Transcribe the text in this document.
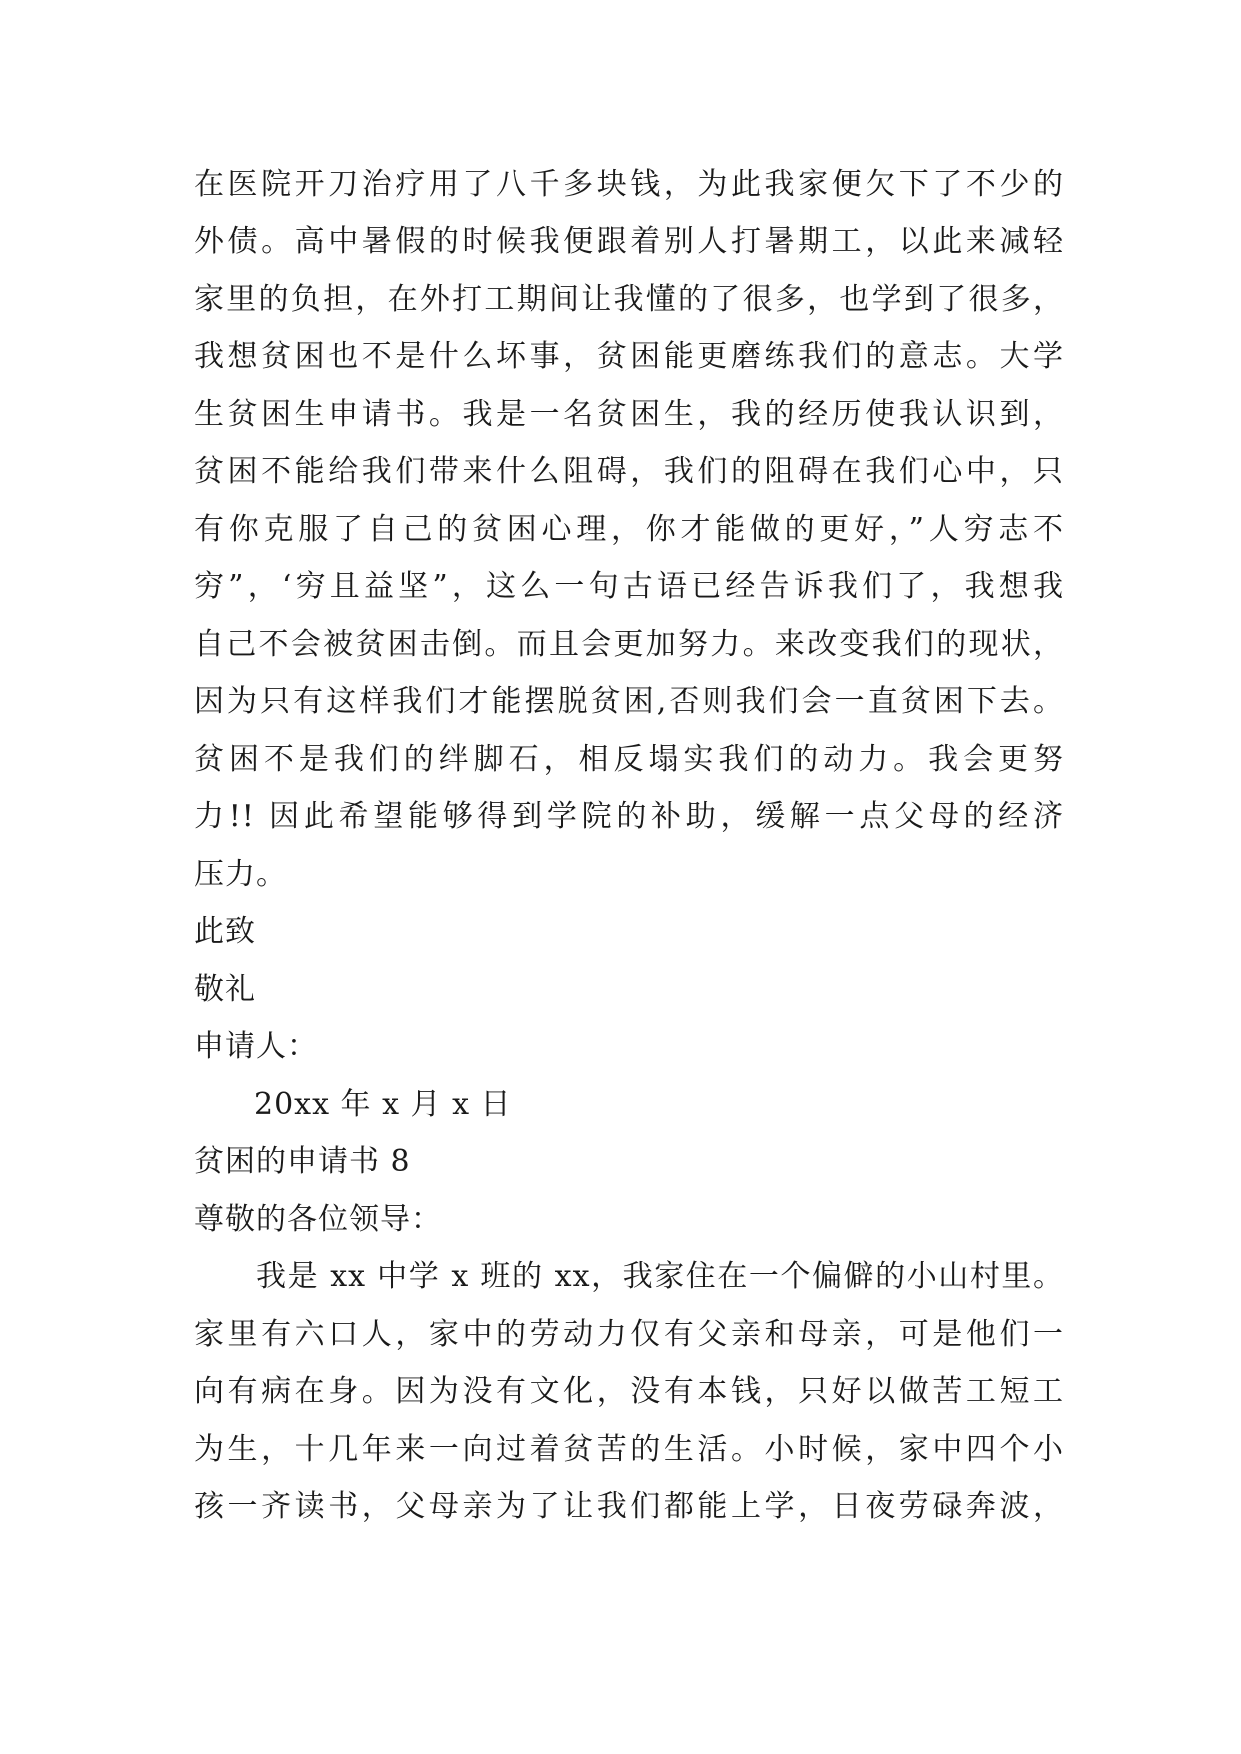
在医院开刀治疗用了八千多块钱，为此我家便欠下了不少的
外债。高中暑假的时候我便跟着别人打暑期工，以此来减轻
家里的负担，在外打工期间让我懂的了很多，也学到了很多，
我想贫困也不是什么坏事，贫困能更磨练我们的意志。大学
生贫困生申请书。我是一名贫困生，我的经历使我认识到，
贫困不能给我们带来什么阻碍，我们的阻碍在我们心中，只
有你克服了自己的贫困心理，你才能做的更好，”人穷志不
穷”，‘穷且益坚”，这么一句古语已经告诉我们了，我想我
自己不会被贫困击倒。而且会更加努力。来改变我们的现状，
因为只有这样我们才能摆脱贫困,否则我们会一直贫困下去。
贫困不是我们的绊脚石，相反塌实我们的动力。我会更努
力!! 因此希望能够得到学院的补助，缓解一点父母的经济
压力。
此致
敬礼
申请人：
20xx 年 x 月 x 日
贫困的申请书 8
尊敬的各位领导：
我是 xx 中学 x 班的 xx，我家住在一个偏僻的小山村里。
家里有六口人，家中的劳动力仅有父亲和母亲，可是他们一
向有病在身。因为没有文化，没有本钱，只好以做苦工短工
为生，十几年来一向过着贫苦的生活。小时候，家中四个小
孩一齐读书，父母亲为了让我们都能上学，日夜劳碌奔波，
